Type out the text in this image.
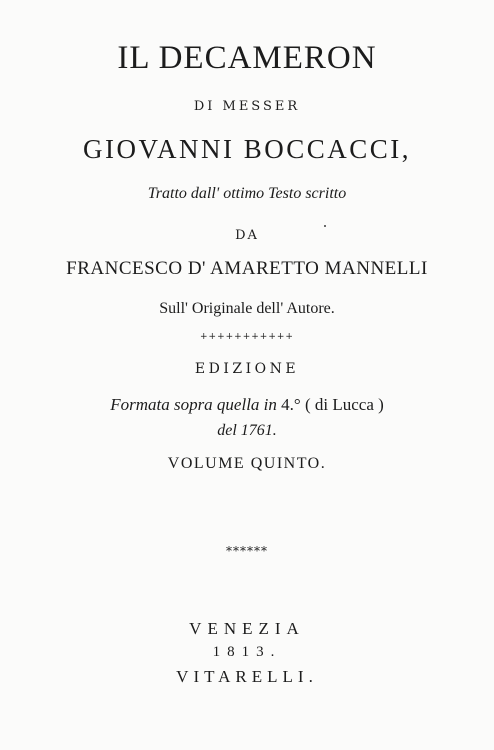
IL DECAMERON
DI MESSER
GIOVANNI BOCCACCI,
Tratto dall' ottimo Testo scritto
DA
FRANCESCO D' AMARETTO MANNELLI
Sull' Originale dell' Autore.
+++++++++++
EDIZIONE
Formata sopra quella in 4.° ( di Lucca )
del 1761.
VOLUME QUINTO.
******
VENEZIA
1813.
VITARELLI.
